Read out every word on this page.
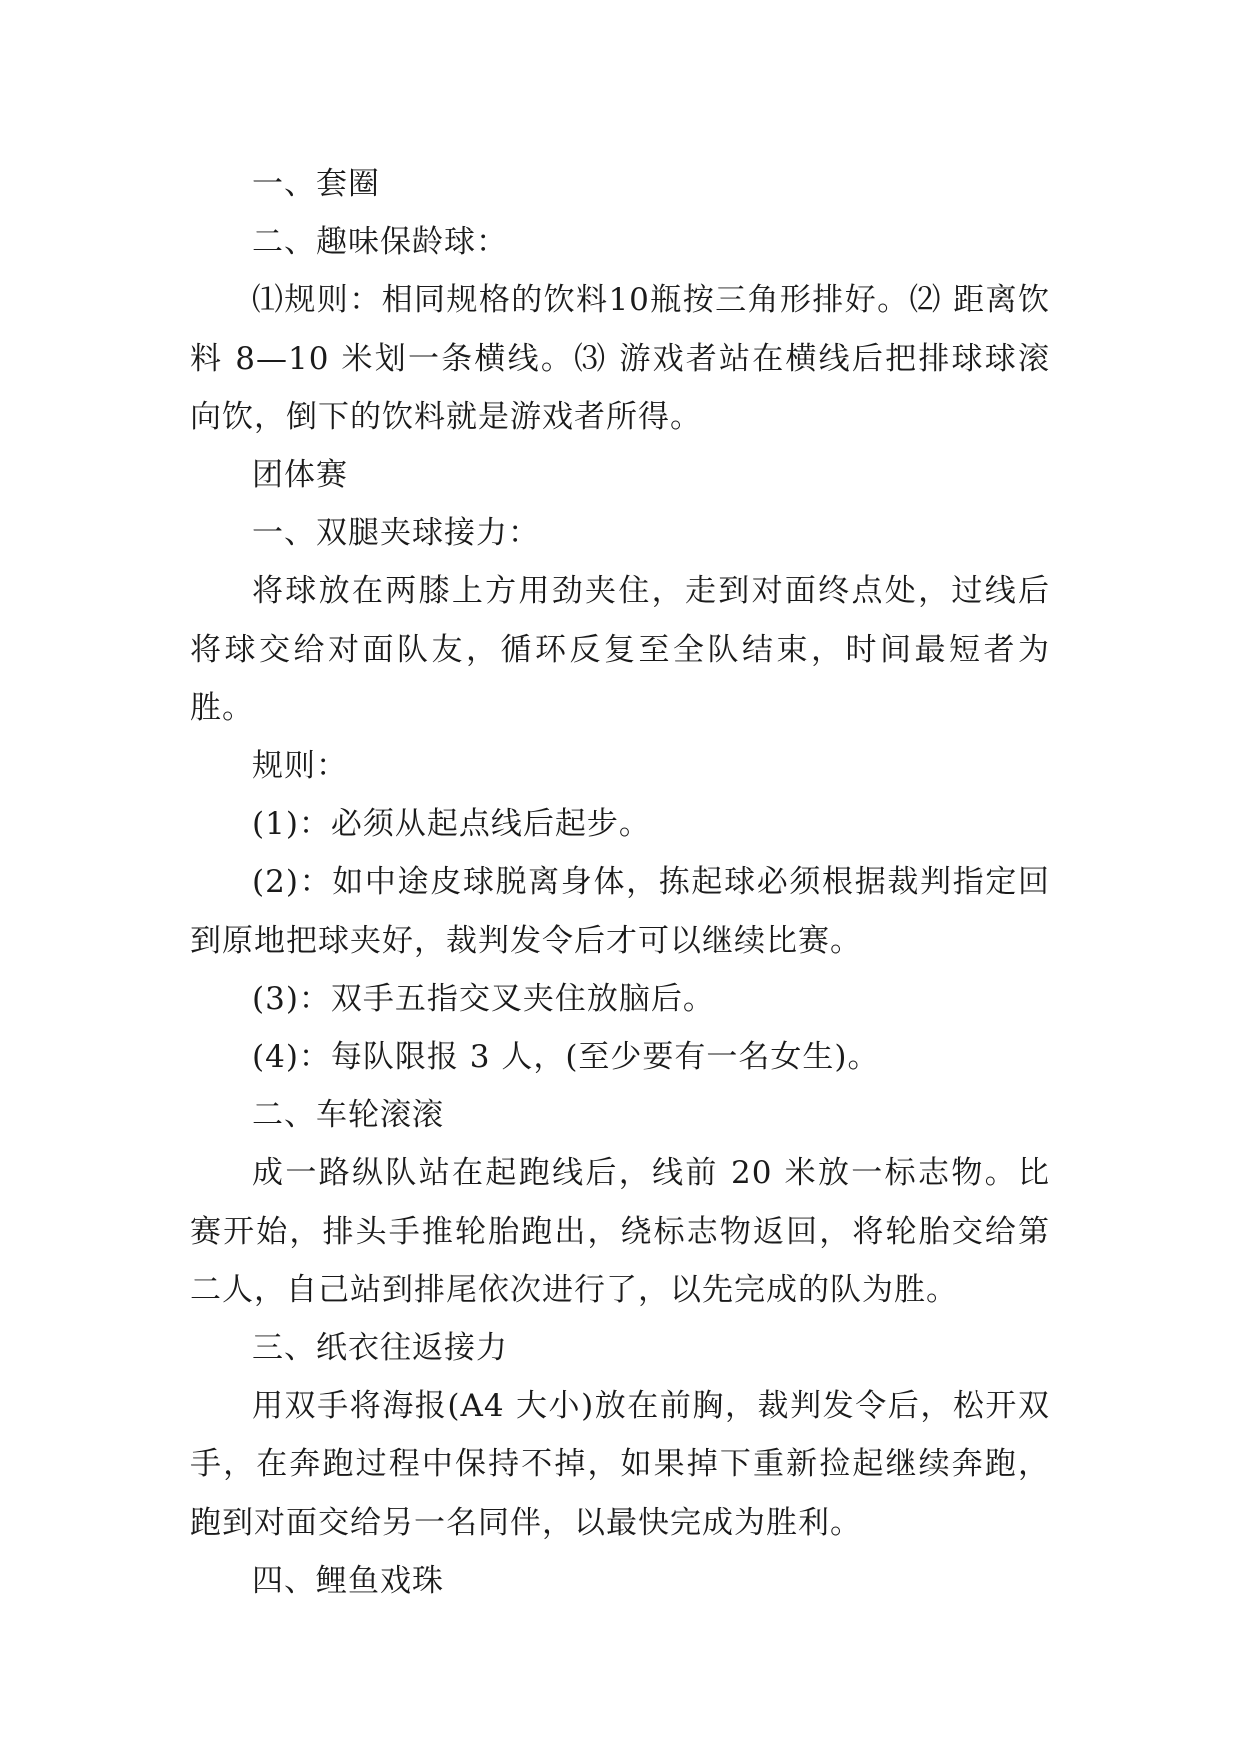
一、套圈

二、趣味保龄球：

⑴规则：相同规格的饮料10瓶按三角形排好。⑵ 距离饮料 8—10 米划一条横线。⑶ 游戏者站在横线后把排球球滚向饮，倒下的饮料就是游戏者所得。

团体赛

一、双腿夹球接力：

将球放在两膝上方用劲夹住，走到对面终点处，过线后将球交给对面队友，循环反复至全队结束，时间最短者为胜。

规则：

(1)：必须从起点线后起步。

(2)：如中途皮球脱离身体，拣起球必须根据裁判指定回到原地把球夹好，裁判发令后才可以继续比赛。

(3)：双手五指交叉夹住放脑后。

(4)：每队限报 3 人，(至少要有一名女生)。

二、车轮滚滚

成一路纵队站在起跑线后，线前 20 米放一标志物。比赛开始，排头手推轮胎跑出，绕标志物返回，将轮胎交给第二人，自己站到排尾依次进行了，以先完成的队为胜。

三、纸衣往返接力

用双手将海报(A4 大小)放在前胸，裁判发令后，松开双手，在奔跑过程中保持不掉，如果掉下重新捡起继续奔跑，跑到对面交给另一名同伴，以最快完成为胜利。

四、鲤鱼戏珠
